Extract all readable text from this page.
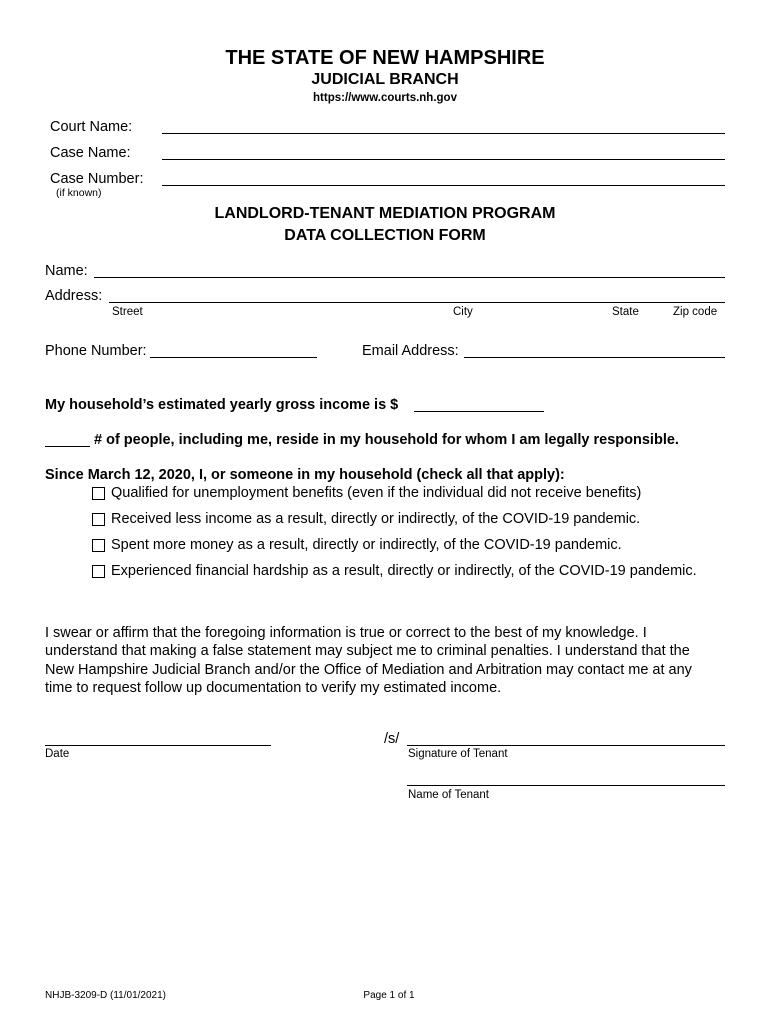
THE STATE OF NEW HAMPSHIRE
JUDICIAL BRANCH
https://www.courts.nh.gov
Court Name:
Case Name:
Case Number:
(if known)
LANDLORD-TENANT MEDIATION PROGRAM
DATA COLLECTION FORM
Name:
Address:
Street	City	State	Zip code
Phone Number:	Email Address:
My household’s estimated yearly gross income is $
# of people, including me, reside in my household for whom I am legally responsible.
Since March 12, 2020, I, or someone in my household (check all that apply):
Qualified for unemployment benefits (even if the individual did not receive benefits)
Received less income as a result, directly or indirectly, of the COVID-19 pandemic.
Spent more money as a result, directly or indirectly, of the COVID-19 pandemic.
Experienced financial hardship as a result, directly or indirectly, of the COVID-19 pandemic.
I swear or affirm that the foregoing information is true or correct to the best of my knowledge. I
understand that making a false statement may subject me to criminal penalties. I understand that the
New Hampshire Judicial Branch and/or the Office of Mediation and Arbitration may contact me at any
time to request follow up documentation to verify my estimated income.
Date
/s/
Signature of Tenant
Name of Tenant
NHJB-3209-D (11/01/2021)	Page 1 of 1
